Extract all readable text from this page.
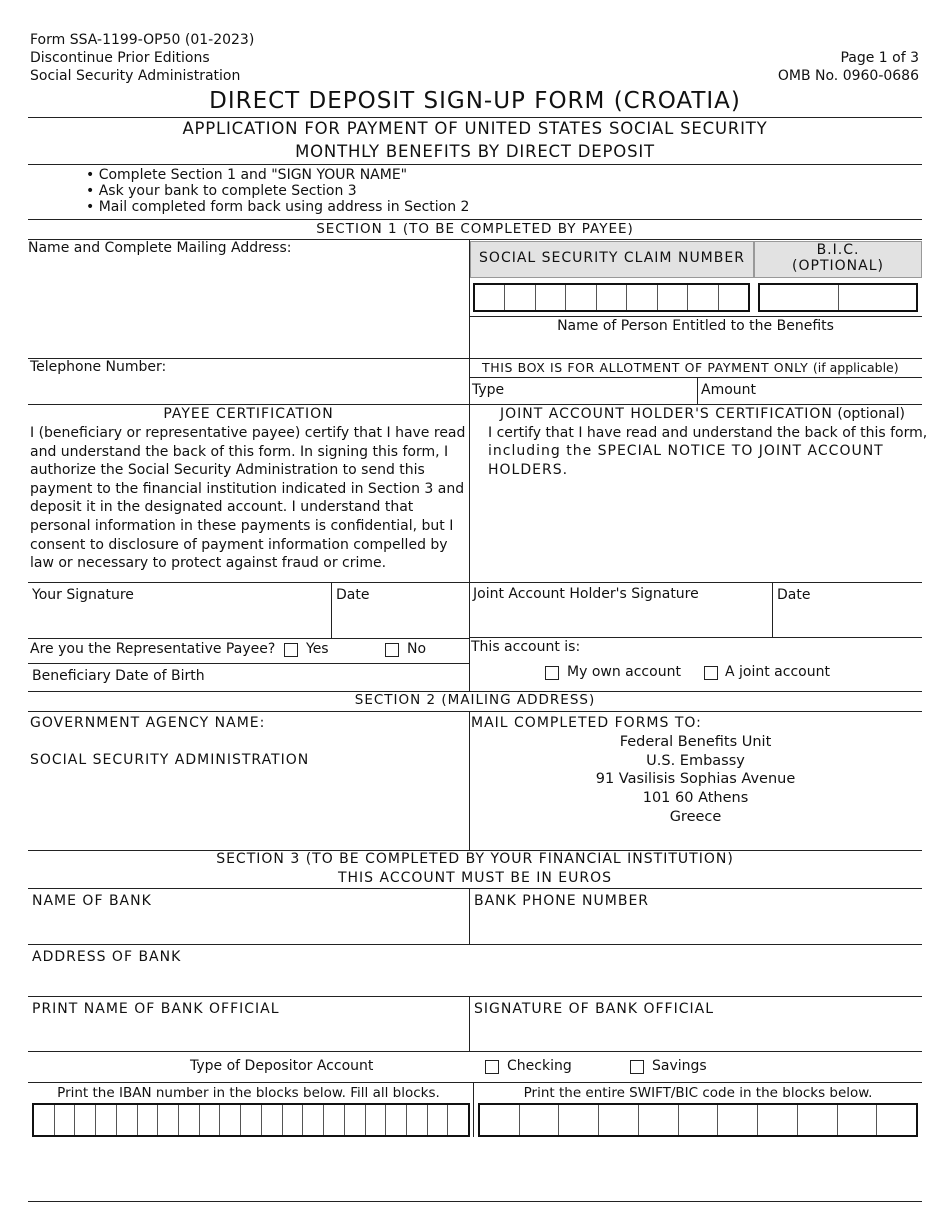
Form SSA-1199-OP50 (01-2023)
Discontinue Prior Editions
Social Security Administration
Page 1 of 3
OMB No. 0960-0686
DIRECT DEPOSIT SIGN-UP FORM (CROATIA)
APPLICATION FOR PAYMENT OF UNITED STATES SOCIAL SECURITY
MONTHLY BENEFITS BY DIRECT DEPOSIT
• Complete Section 1 and "SIGN YOUR NAME"
• Ask your bank to complete Section 3
• Mail completed form back using address in Section 2
SECTION 1 (TO BE COMPLETED BY PAYEE)
Name and Complete Mailing Address:
SOCIAL SECURITY CLAIM NUMBER	B.I.C.
(OPTIONAL)
Name of Person Entitled to the Benefits
Telephone Number:	THIS BOX IS FOR ALLOTMENT OF PAYMENT ONLY (if applicable)
Type	Amount
PAYEE CERTIFICATION
I (beneficiary or representative payee) certify that I have read and understand the back of this form. In signing this form, I authorize the Social Security Administration to send this payment to the financial institution indicated in Section 3 and deposit it in the designated account. I understand that personal information in these payments is confidential, but I consent to disclosure of payment information compelled by law or necessary to protect against fraud or crime.
JOINT ACCOUNT HOLDER'S CERTIFICATION (optional)
I certify that I have read and understand the back of this form,
including the SPECIAL NOTICE TO JOINT ACCOUNT
HOLDERS.
Your Signature	Date	Joint Account Holder's Signature	Date
Are you the Representative Payee? Yes	No
Beneficiary Date of Birth
This account is:
My own account	A joint account
SECTION 2 (MAILING ADDRESS)
GOVERNMENT AGENCY NAME:
SOCIAL SECURITY ADMINISTRATION
MAIL COMPLETED FORMS TO:
Federal Benefits Unit
U.S. Embassy
91 Vasilisis Sophias Avenue
101 60 Athens
Greece
SECTION 3 (TO BE COMPLETED BY YOUR FINANCIAL INSTITUTION)
THIS ACCOUNT MUST BE IN EUROS
NAME OF BANK	BANK PHONE NUMBER
ADDRESS OF BANK
PRINT NAME OF BANK OFFICIAL	SIGNATURE OF BANK OFFICIAL
Type of Depositor Account	Checking	Savings
Print the IBAN number in the blocks below. Fill all blocks.	Print the entire SWIFT/BIC code in the blocks below.
